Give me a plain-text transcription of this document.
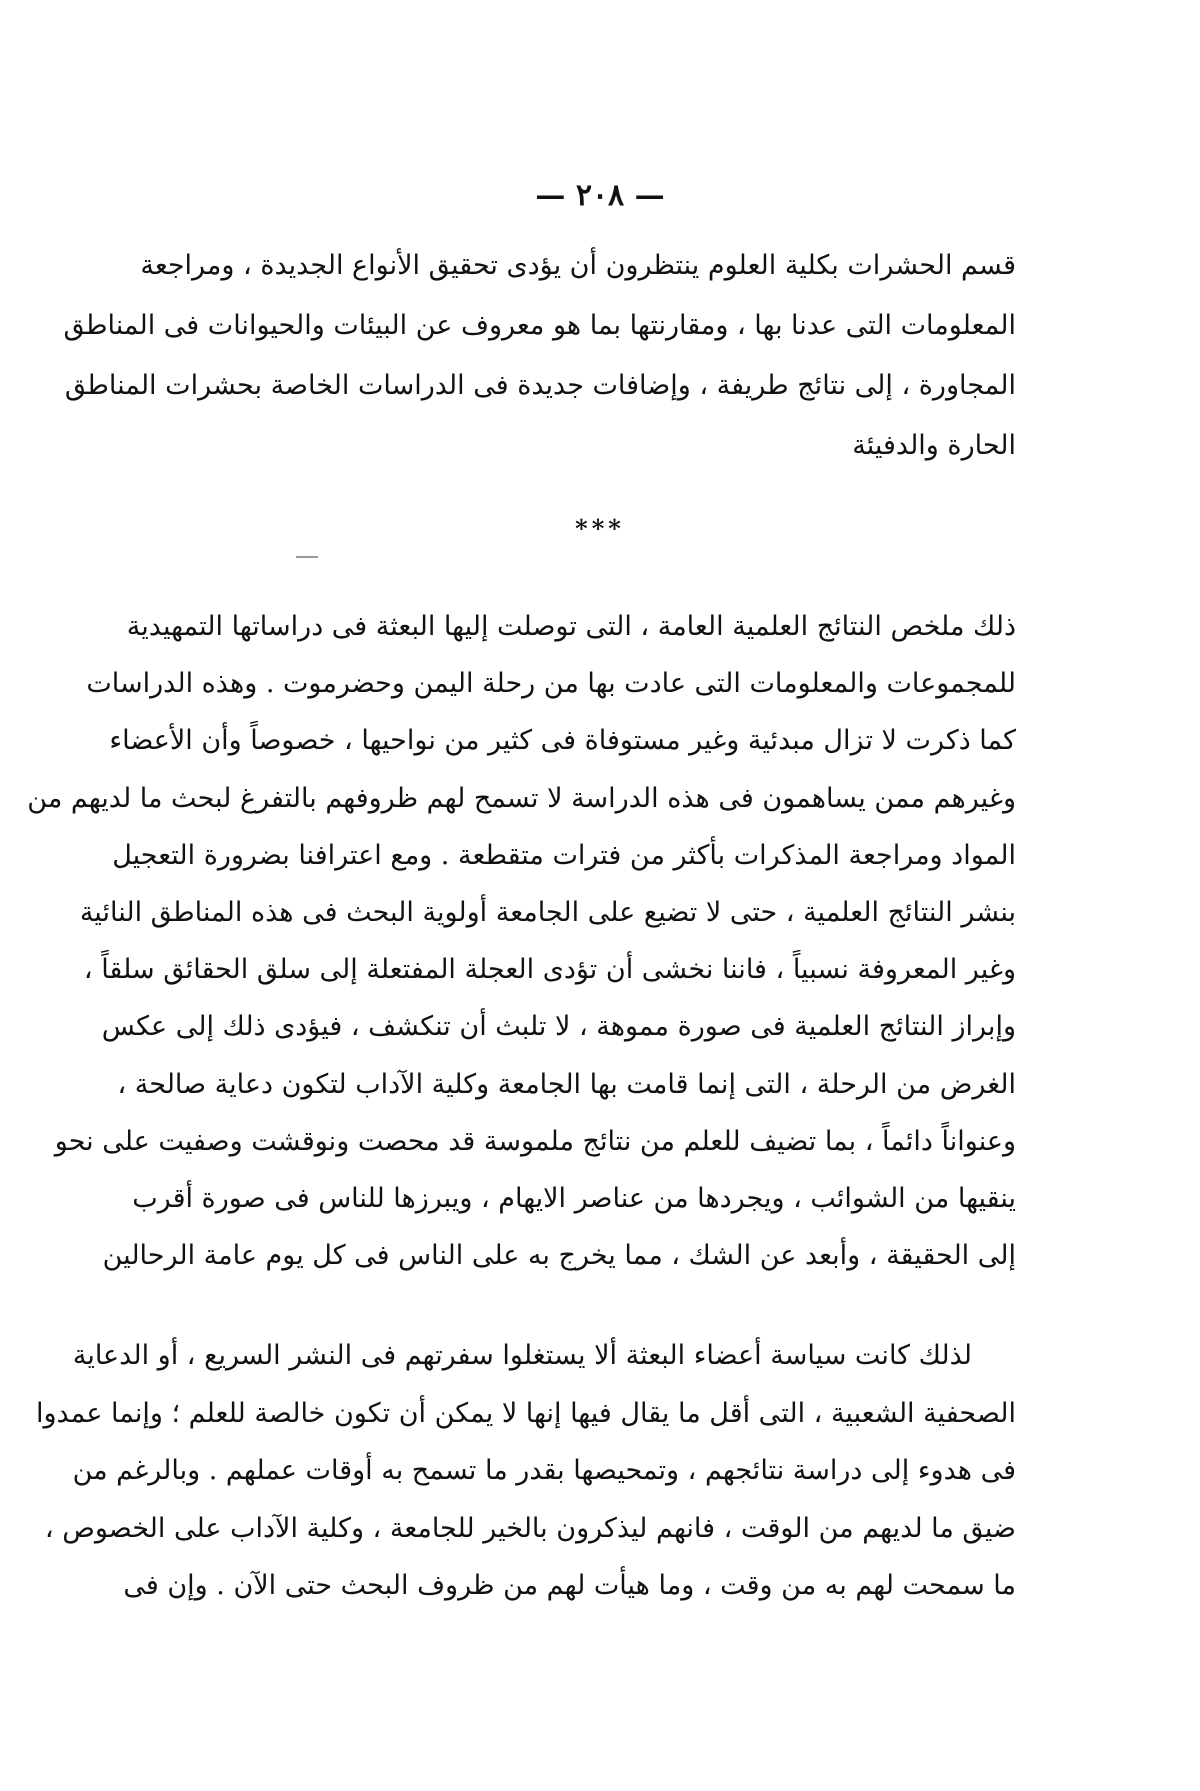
— ٢٠٨ —
قسم الحشرات بكلية العلوم ينتظرون أن يؤدى تحقيق الأنواع الجديدة ، ومراجعة
المعلومات التى عدنا بها ، ومقارنتها بما هو معروف عن البيئات والحيوانات فى المناطق
المجاورة ، إلى نتائج طريفة ، وإضافات جديدة فى الدراسات الخاصة بحشرات المناطق
الحارة والدفيئة
***
ذلك ملخص النتائج العلمية العامة ، التى توصلت إليها البعثة فى دراساتها التمهيدية
للمجموعات والمعلومات التى عادت بها من رحلة اليمن وحضرموت . وهذه الدراسات
كما ذكرت لا تزال مبدئية وغير مستوفاة فى كثير من نواحيها ، خصوصاً وأن الأعضاء
وغيرهم ممن يساهمون فى هذه الدراسة لا تسمح لهم ظروفهم بالتفرغ لبحث ما لديهم من
المواد ومراجعة المذكرات بأكثر من فترات متقطعة . ومع اعترافنا بضرورة التعجيل
بنشر النتائج العلمية ، حتى لا تضيع على الجامعة أولوية البحث فى هذه المناطق النائية
وغير المعروفة نسبياً ، فاننا نخشى أن تؤدى العجلة المفتعلة إلى سلق الحقائق سلقاً ،
وإبراز النتائج العلمية فى صورة مموهة ، لا تلبث أن تنكشف ، فيؤدى ذلك إلى عكس
الغرض من الرحلة ، التى إنما قامت بها الجامعة وكلية الآداب لتكون دعاية صالحة ،
وعنواناً دائماً ، بما تضيف للعلم من نتائج ملموسة قد محصت ونوقشت وصفيت على نحو
ينقيها من الشوائب ، ويجردها من عناصر الايهام ، ويبرزها للناس فى صورة أقرب
إلى الحقيقة ، وأبعد عن الشك ، مما يخرج به على الناس فى كل يوم عامة الرحالين
لذلك كانت سياسة أعضاء البعثة ألا يستغلوا سفرتهم فى النشر السريع ، أو الدعاية
الصحفية الشعبية ، التى أقل ما يقال فيها إنها لا يمكن أن تكون خالصة للعلم ؛ وإنما عمدوا
فى هدوء إلى دراسة نتائجهم ، وتمحيصها بقدر ما تسمح به أوقات عملهم . وبالرغم من
ضيق ما لديهم من الوقت ، فانهم ليذكرون بالخير للجامعة ، وكلية الآداب على الخصوص ،
ما سمحت لهم به من وقت ، وما هيأت لهم من ظروف البحث حتى الآن . وإن فى
